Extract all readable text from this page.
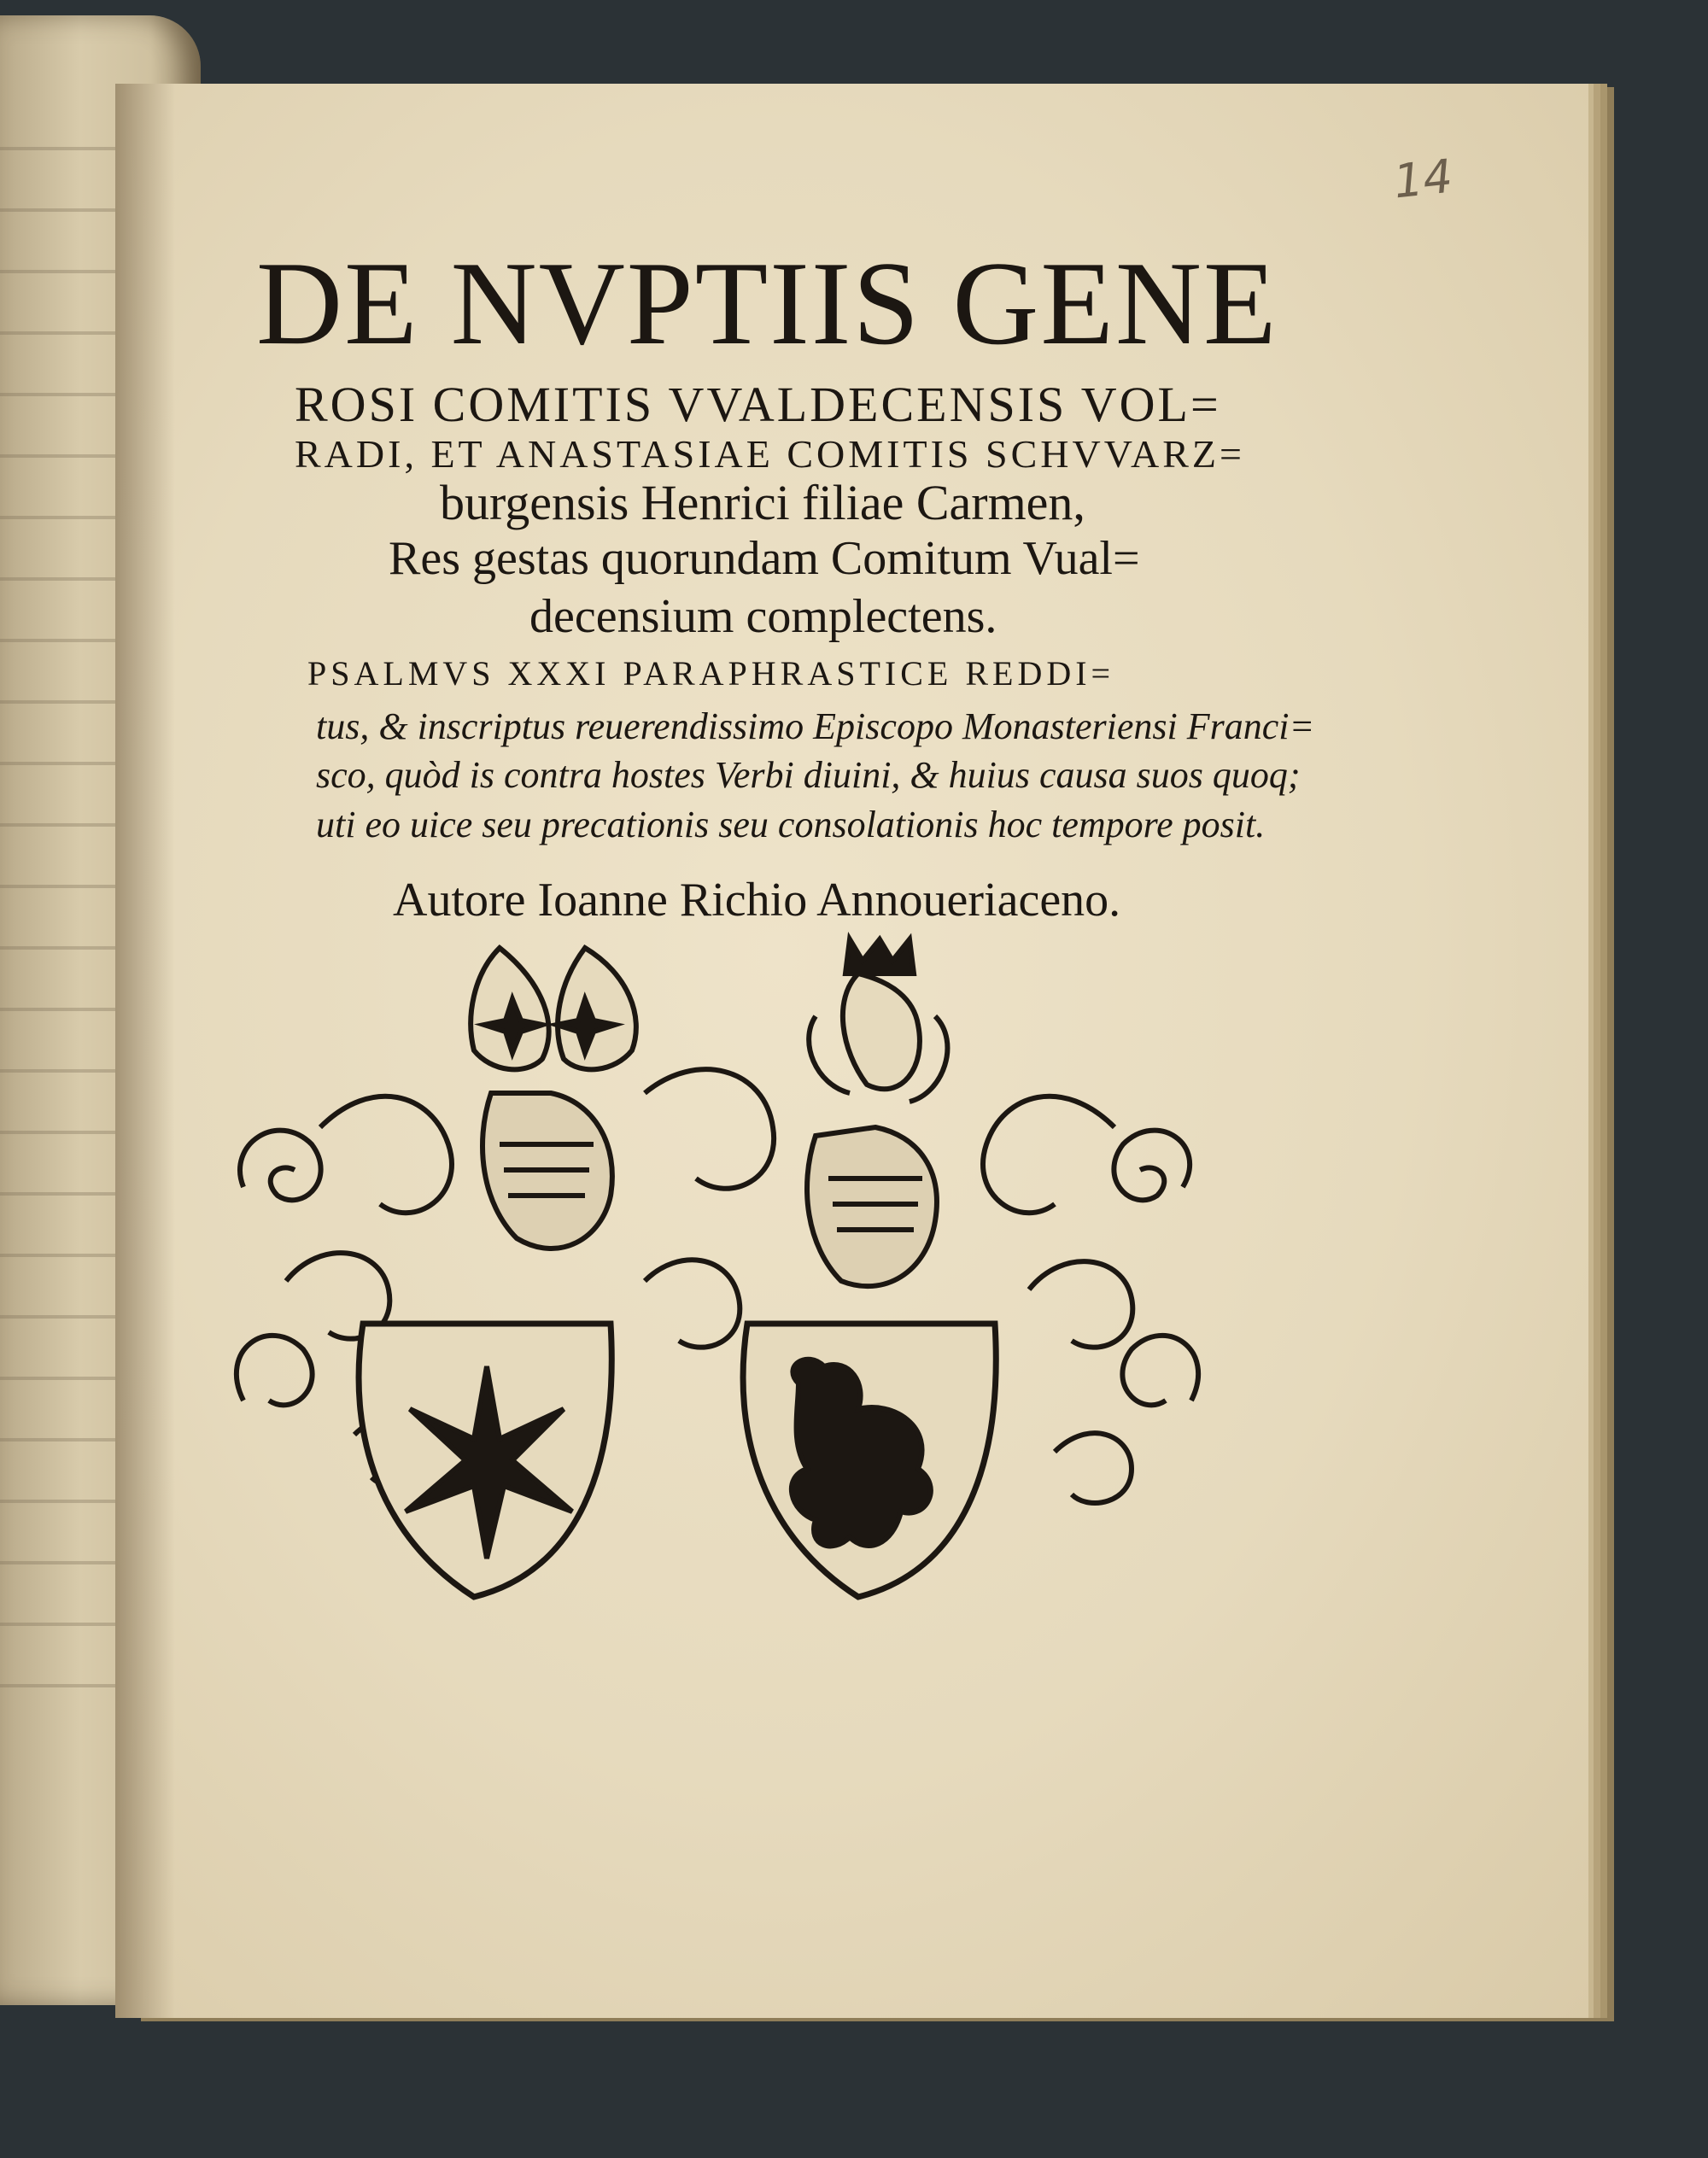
14
DE NVPTIIS GENE
ROSI COMITIS VVALDECENSIS VOL=
RADI, ET ANASTASIAE COMITIS SCHVVARZ=
burgensis Henrici filiae Carmen,
Res gestas quorundam Comitum Vual=
decensium complectens.
PSALMVS XXXI PARAPHRASTICE REDDI=
tus, & inscriptus reuerendissimo Episcopo Monasteriensi Franci=
sco, quòd is contra hostes Verbi diuini, & huius causa suos quoq;
uti eo uice seu precationis seu consolationis hoc tempore posit.
Autore Ioanne Richio Annoueriaceno.
